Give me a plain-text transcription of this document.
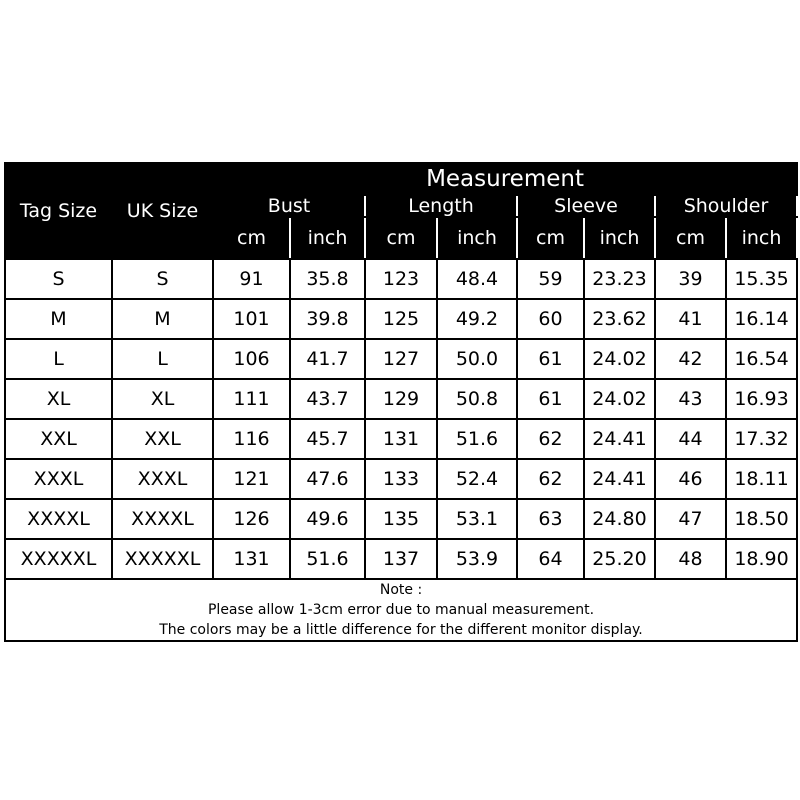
Tag Size	UK Size	Measurement							
		Bust		Length		Sleeve		Shoulder	
		cm	inch	cm	inch	cm	inch	cm	inch
S	S	91	35.8	123	48.4	59	23.23	39	15.35
M	M	101	39.8	125	49.2	60	23.62	41	16.14
L	L	106	41.7	127	50.0	61	24.02	42	16.54
XL	XL	111	43.7	129	50.8	61	24.02	43	16.93
XXL	XXL	116	45.7	131	51.6	62	24.41	44	17.32
XXXL	XXXL	121	47.6	133	52.4	62	24.41	46	18.11
XXXXL	XXXXL	126	49.6	135	53.1	63	24.80	47	18.50
XXXXXL	XXXXXL	131	51.6	137	53.9	64	25.20	48	18.90

Note :
Please allow 1-3cm error due to manual measurement.
The colors may be a little difference for the different monitor display.									
